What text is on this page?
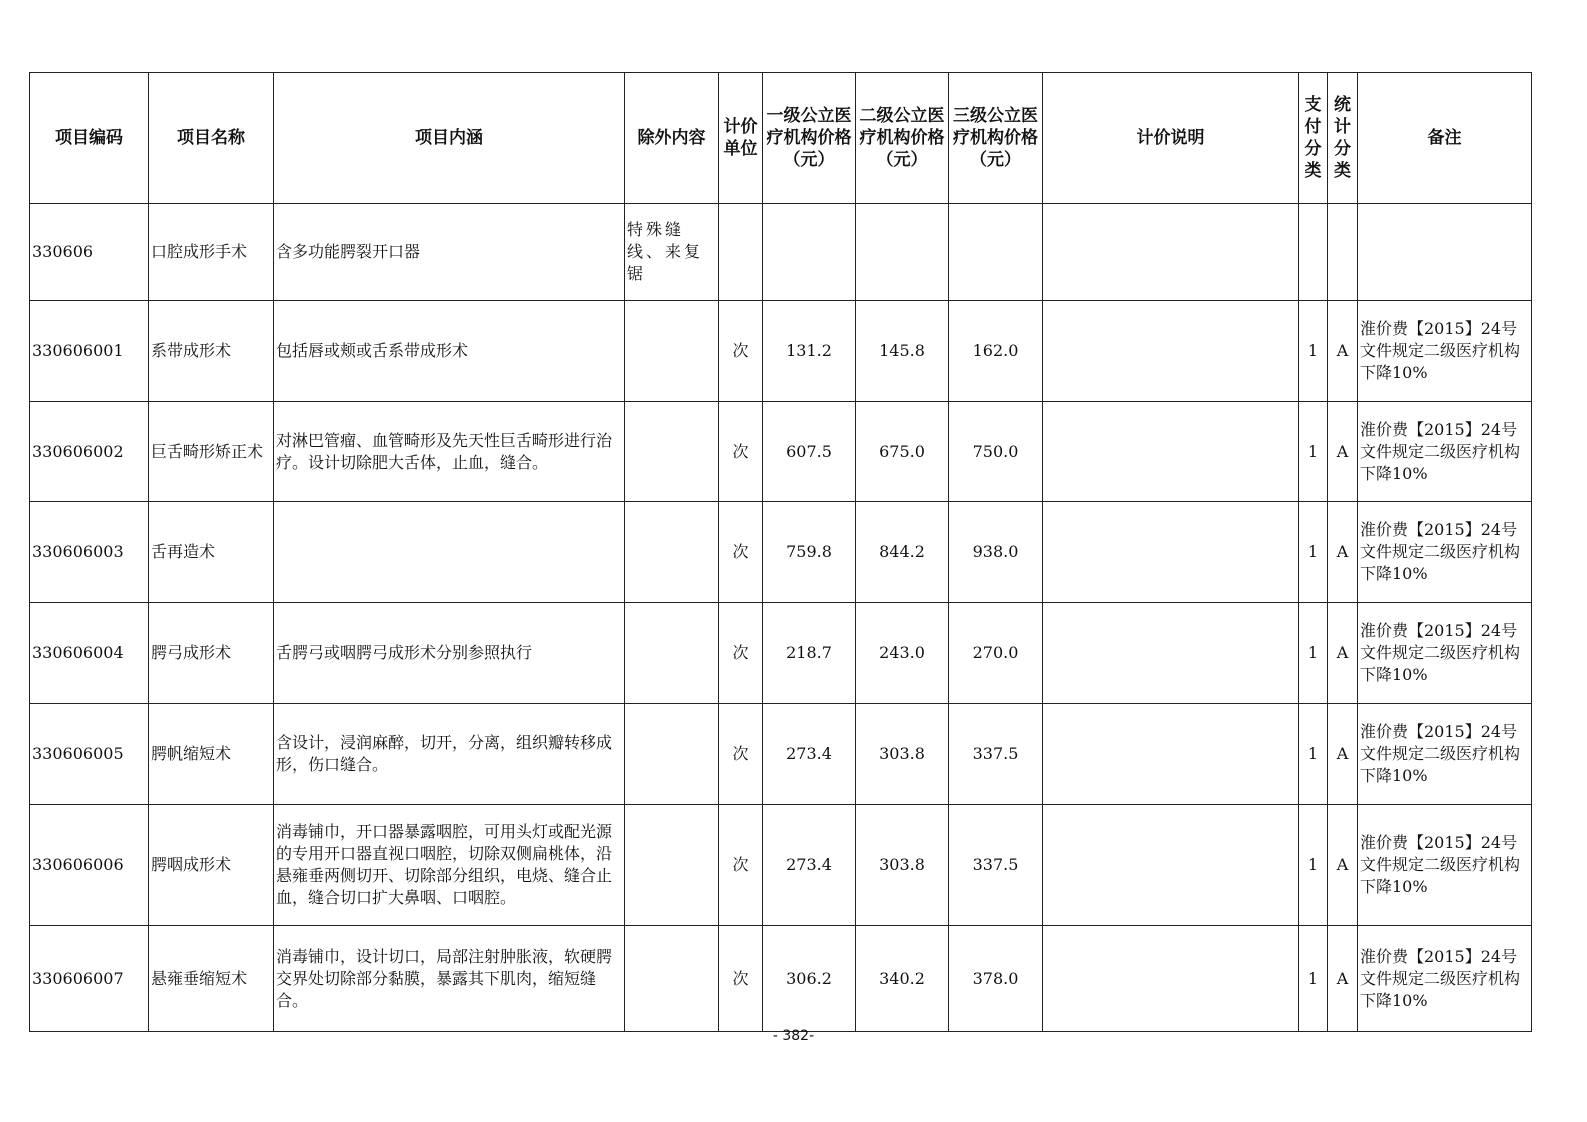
项目编码	项目名称	项目内涵	除外内容	计价单位	一级公立医疗机构价格（元）	二级公立医疗机构价格（元）	三级公立医疗机构价格（元）	计价说明	支付分类	统计分类	备注
330606	口腔成形手术	含多功能腭裂开口器	特殊缝线、来复锯								
330606001	系带成形术	包括唇或颊或舌系带成形术		次	131.2	145.8	162.0		1	A	淮价费【2015】24号文件规定二级医疗机构下降10%
330606002	巨舌畸形矫正术	对淋巴管瘤、血管畸形及先天性巨舌畸形进行治疗。设计切除肥大舌体，止血，缝合。		次	607.5	675.0	750.0		1	A	淮价费【2015】24号文件规定二级医疗机构下降10%
330606003	舌再造术			次	759.8	844.2	938.0		1	A	淮价费【2015】24号文件规定二级医疗机构下降10%
330606004	腭弓成形术	舌腭弓或咽腭弓成形术分别参照执行		次	218.7	243.0	270.0		1	A	淮价费【2015】24号文件规定二级医疗机构下降10%
330606005	腭帆缩短术	含设计，浸润麻醉，切开，分离，组织瓣转移成形，伤口缝合。		次	273.4	303.8	337.5		1	A	淮价费【2015】24号文件规定二级医疗机构下降10%
330606006	腭咽成形术	消毒铺巾，开口器暴露咽腔，可用头灯或配光源的专用开口器直视口咽腔，切除双侧扁桃体，沿悬雍垂两侧切开、切除部分组织，电烧、缝合止血，缝合切口扩大鼻咽、口咽腔。		次	273.4	303.8	337.5		1	A	淮价费【2015】24号文件规定二级医疗机构下降10%
330606007	悬雍垂缩短术	消毒铺巾，设计切口，局部注射肿胀液，软硬腭交界处切除部分黏膜，暴露其下肌肉，缩短缝合。		次	306.2	340.2	378.0		1	A	淮价费【2015】24号文件规定二级医疗机构下降10%
- 382-
